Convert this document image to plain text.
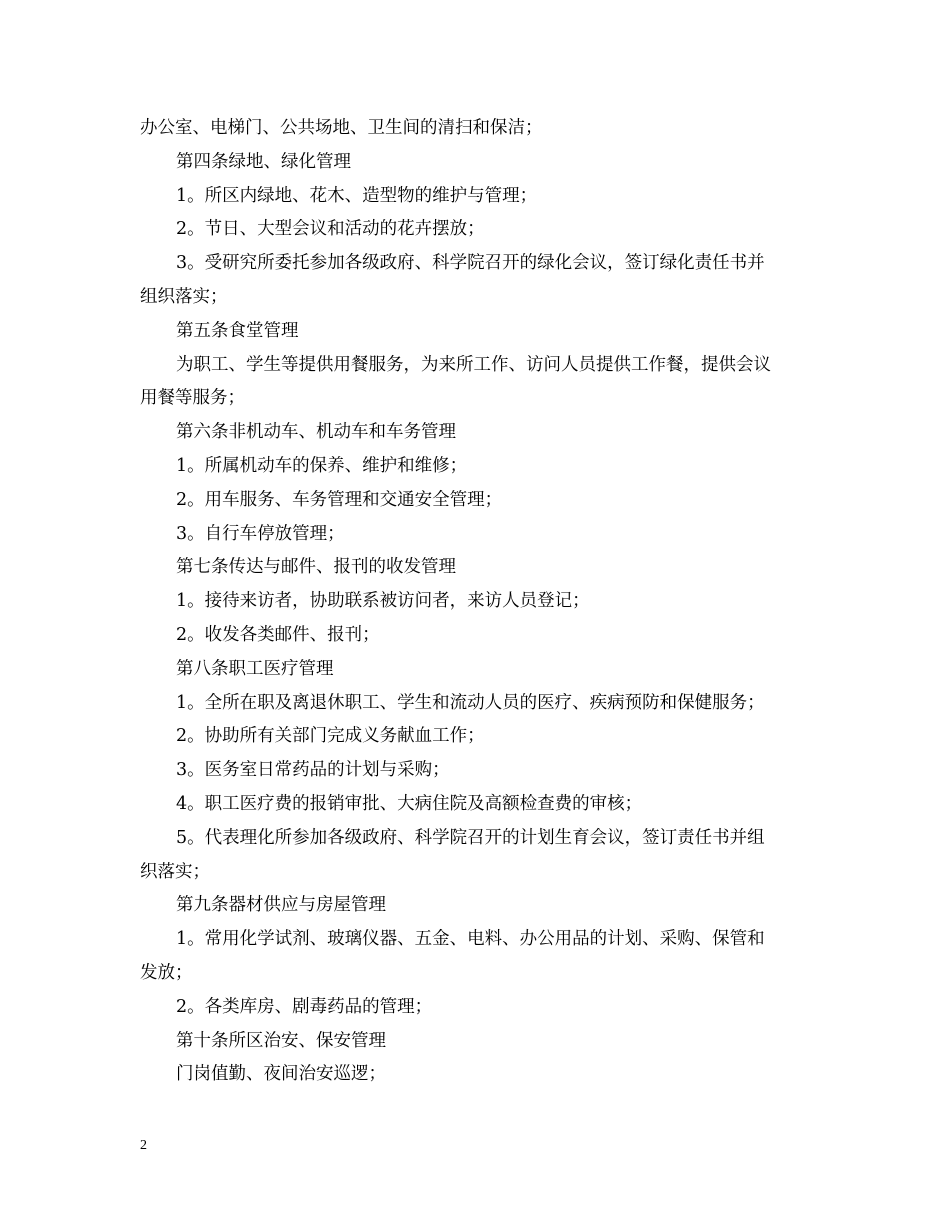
办公室、电梯门、公共场地、卫生间的清扫和保洁；
第四条绿地、绿化管理
1。所区内绿地、花木、造型物的维护与管理；
2。节日、大型会议和活动的花卉摆放；
3。受研究所委托参加各级政府、科学院召开的绿化会议，签订绿化责任书并
组织落实；
第五条食堂管理
为职工、学生等提供用餐服务，为来所工作、访问人员提供工作餐，提供会议
用餐等服务；
第六条非机动车、机动车和车务管理
1。所属机动车的保养、维护和维修；
2。用车服务、车务管理和交通安全管理；
3。自行车停放管理；
第七条传达与邮件、报刊的收发管理
1。接待来访者，协助联系被访问者，来访人员登记；
2。收发各类邮件、报刊；
第八条职工医疗管理
1。全所在职及离退休职工、学生和流动人员的医疗、疾病预防和保健服务；
2。协助所有关部门完成义务献血工作；
3。医务室日常药品的计划与采购；
4。职工医疗费的报销审批、大病住院及高额检查费的审核；
5。代表理化所参加各级政府、科学院召开的计划生育会议，签订责任书并组
织落实；
第九条器材供应与房屋管理
1。常用化学试剂、玻璃仪器、五金、电料、办公用品的计划、采购、保管和
发放；
2。各类库房、剧毒药品的管理；
第十条所区治安、保安管理
门岗值勤、夜间治安巡逻；
2
